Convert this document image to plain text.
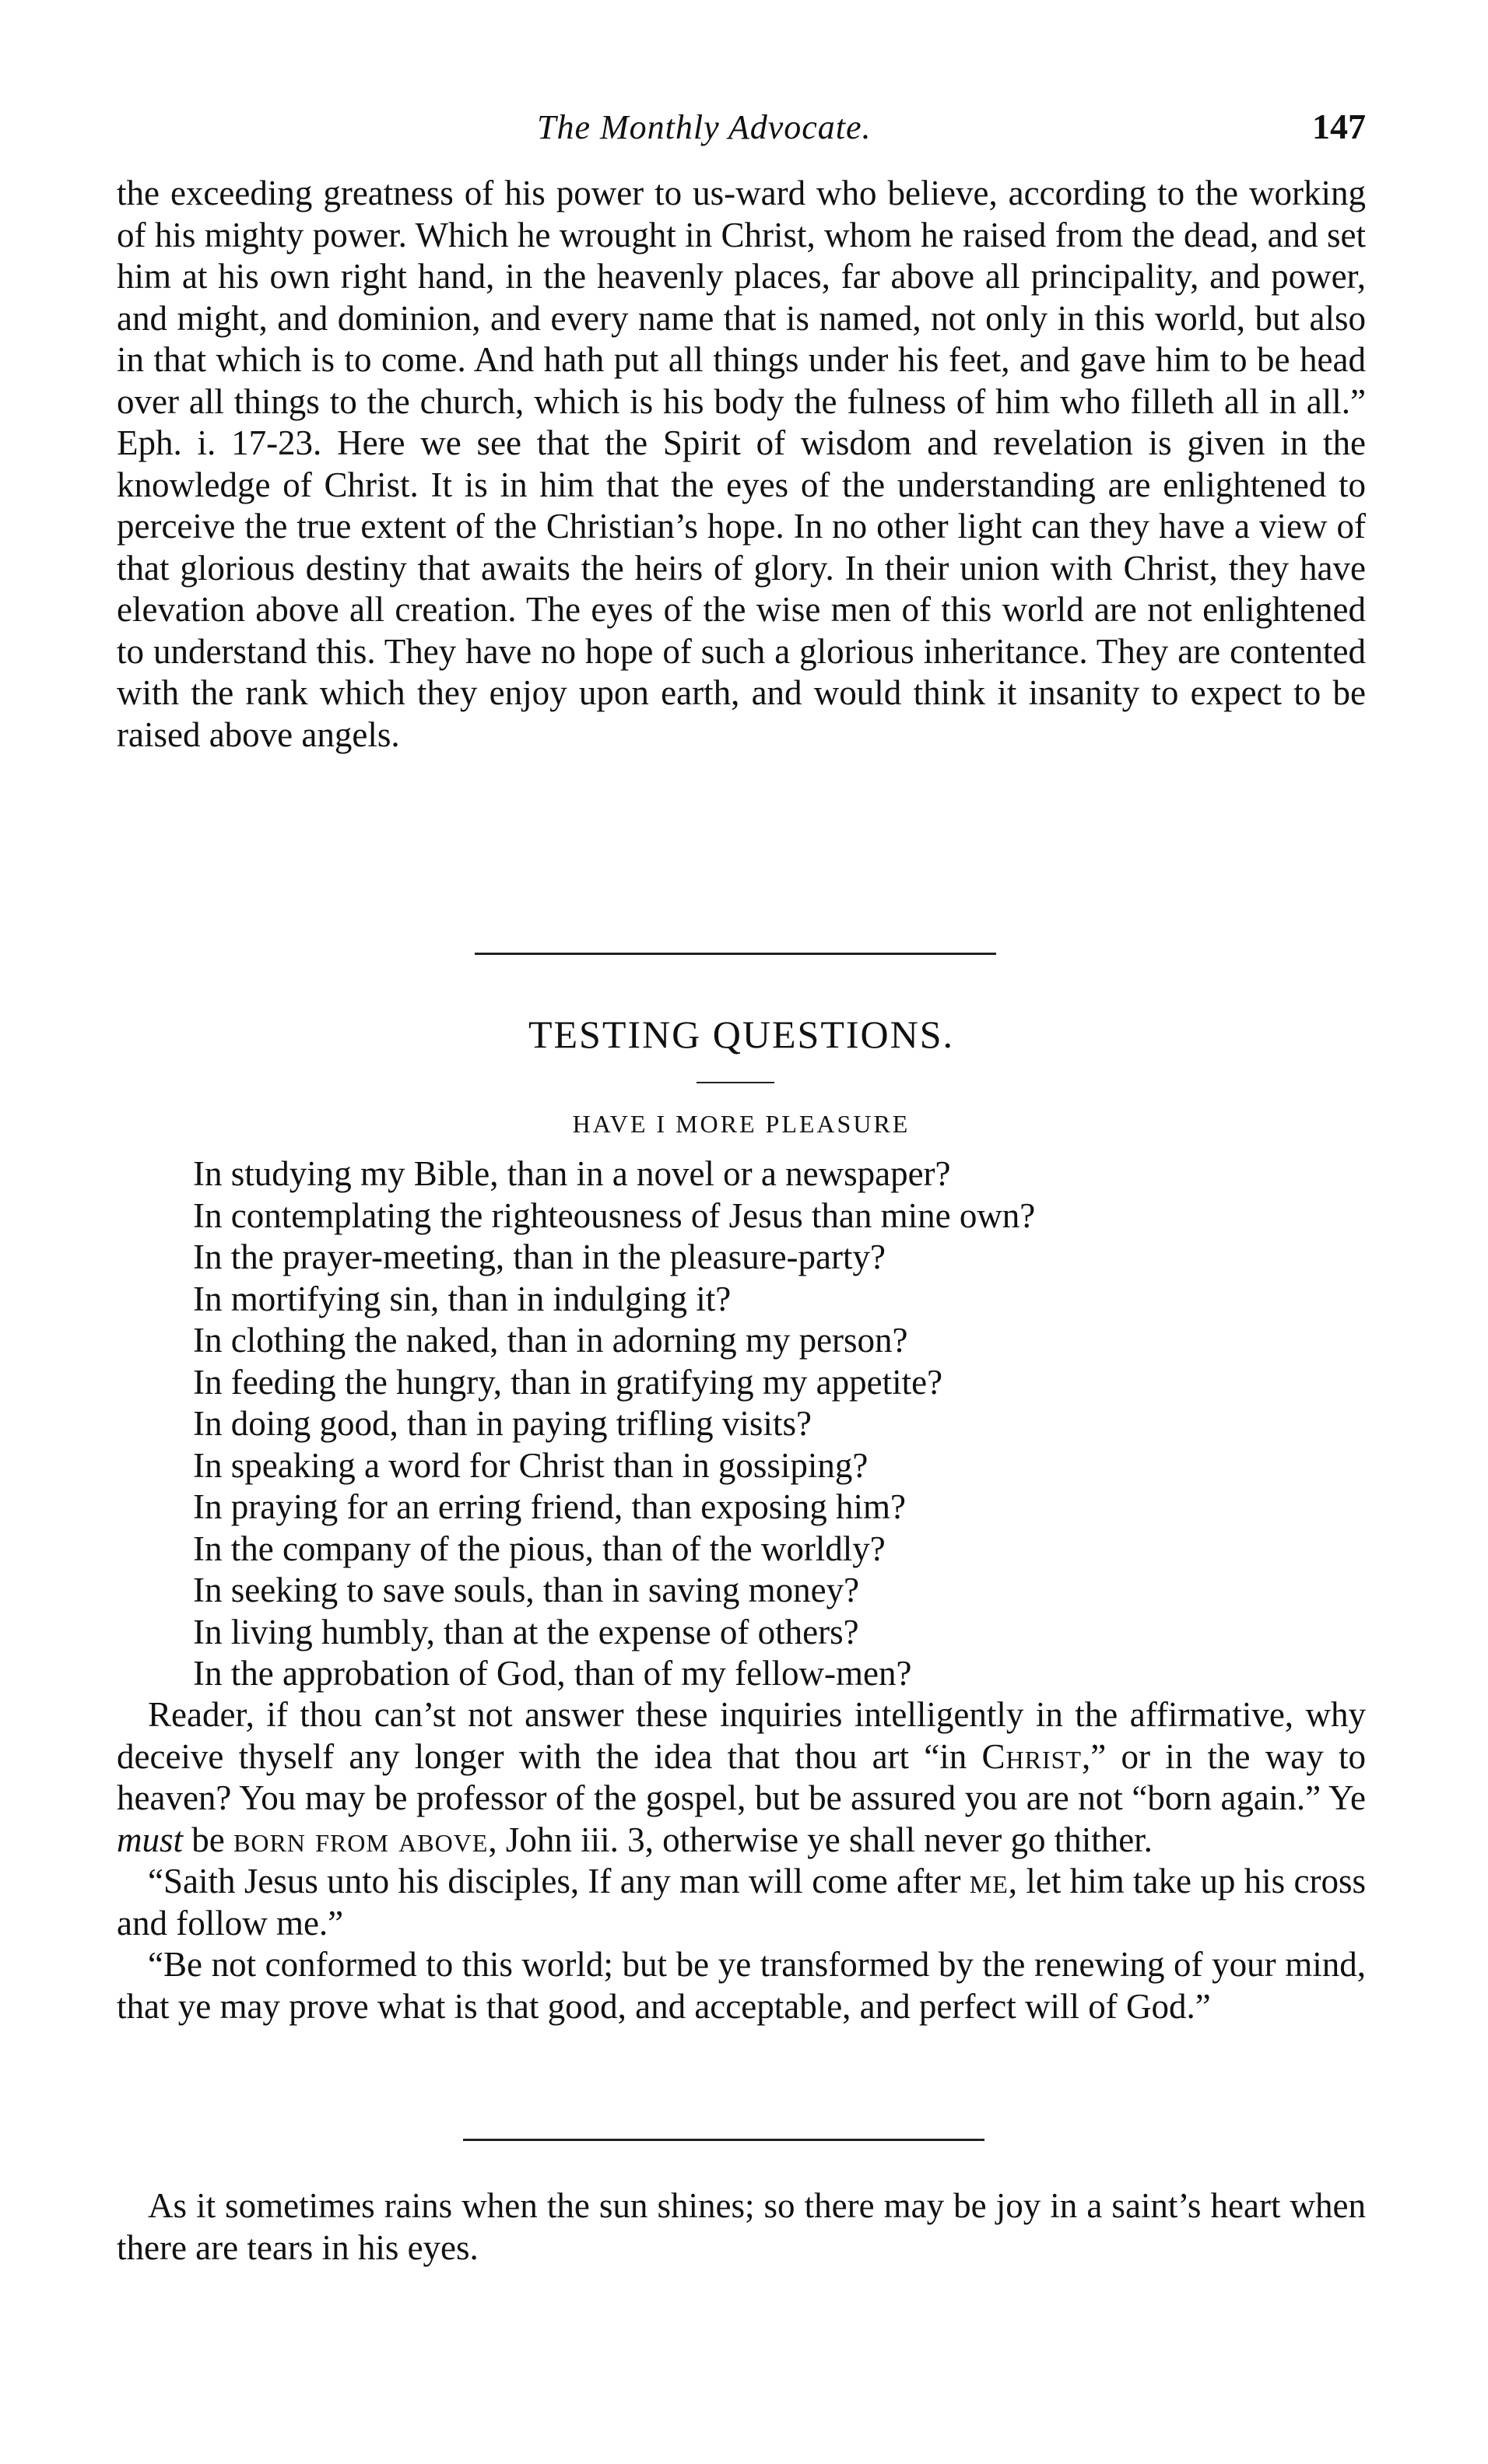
The Monthly Advocate.	147

the exceeding greatness of his power to us-ward who believe, according to the working of his mighty power. Which he wrought in Christ, whom he raised from the dead, and set him at his own right hand, in the heavenly places, far above all principality, and power, and might, and dominion, and every name that is named, not only in this world, but also in that which is to come. And hath put all things under his feet, and gave him to be head over all things to the church, which is his body the fulness of him who filleth all in all.” Eph. i. 17-23. Here we see that the Spirit of wisdom and revelation is given in the knowledge of Christ. It is in him that the eyes of the understanding are enlightened to perceive the true extent of the Christian’s hope. In no other light can they have a view of that glorious destiny that awaits the heirs of glory. In their union with Christ, they have elevation above all creation. The eyes of the wise men of this world are not enlightened to understand this. They have no hope of such a glorious inheritance. They are contented with the rank which they enjoy upon earth, and would think it insanity to expect to be raised above angels.

TESTING QUESTIONS.
HAVE I MORE PLEASURE
In studying my Bible, than in a novel or a newspaper?
In contemplating the righteousness of Jesus than mine own?
In the prayer-meeting, than in the pleasure-party?
In mortifying sin, than in indulging it?
In clothing the naked, than in adorning my person?
In feeding the hungry, than in gratifying my appetite?
In doing good, than in paying trifling visits?
In speaking a word for Christ than in gossiping?
In praying for an erring friend, than exposing him?
In the company of the pious, than of the worldly?
In seeking to save souls, than in saving money?
In living humbly, than at the expense of others?
In the approbation of God, than of my fellow-men?

Reader, if thou can’st not answer these inquiries intelligently in the affirmative, why deceive thyself any longer with the idea that thou art “in Christ,” or in the way to heaven? You may be professor of the gospel, but be assured you are not “born again.” Ye must be born from above, John iii. 3, otherwise ye shall never go thither.

“Saith Jesus unto his disciples, If any man will come after me, let him take up his cross and follow me.”

“Be not conformed to this world; but be ye transformed by the renewing of your mind, that ye may prove what is that good, and acceptable, and perfect will of God.”

As it sometimes rains when the sun shines; so there may be joy in a saint’s heart when there are tears in his eyes.
